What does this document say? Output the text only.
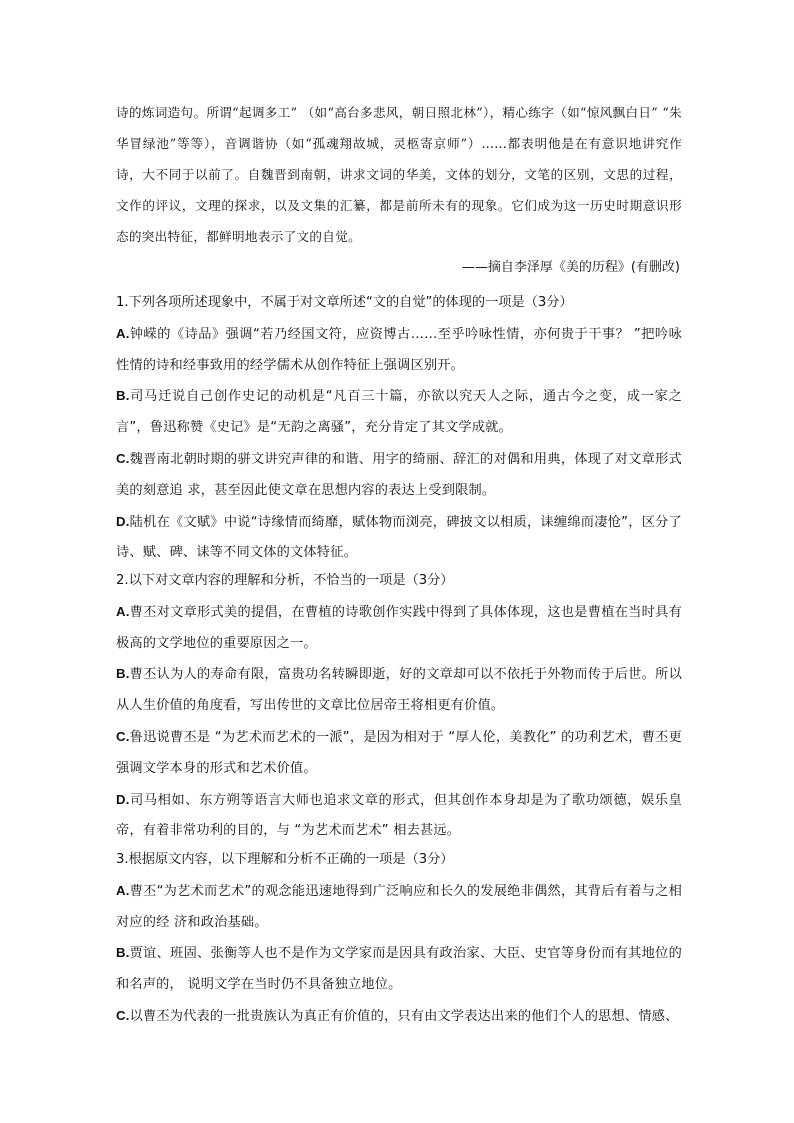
诗的炼词造句。所谓“起调多工” （如“高台多悲风，朝日照北林”），精心练字（如“惊风飘白日” “朱华冒绿池”等等），音调谐协（如“孤魂翔故城，灵柩寄京师”）……都表明他是在有意识地讲究作诗，大不同于以前了。自魏晋到南朝，讲求文词的华美，文体的划分，文笔的区别，文思的过程，文作的评议，文理的探求，以及文集的汇纂，都是前所未有的现象。它们成为这一历史时期意识形态的突出特征，都鲜明地表示了文的自觉。

——摘自李泽厚《美的历程》(有删改)
1.下列各项所述现象中，不属于对文章所述“文的自觉”的体现的一项是（3分）
A.钟嵘的《诗品》强调“若乃经国文符，应资博古……至乎吟咏性情，亦何贵于干事？ ”把吟咏性情的诗和经事致用的经学儒术从创作特征上强调区别开。
B.司马迁说自己创作史记的动机是“凡百三十篇，亦欲以究天人之际，通古今之变，成一家之言”，鲁迅称赞《史记》是“无韵之离骚”，充分肯定了其文学成就。
C.魏晋南北朝时期的骈文讲究声律的和谐、用字的绮丽、辞汇的对偶和用典，体现了对文章形式美的刻意追 求，甚至因此使文章在思想内容的表达上受到限制。
D.陆机在《文赋》中说“诗缘情而绮靡，赋体物而浏亮，碑披文以相质，诔缠绵而凄怆”，区分了诗、赋、碑、诔等不同文体的文体特征。
2.以下对文章内容的理解和分析，不恰当的一项是（3分）
A.曹丕对文章形式美的提倡，在曹植的诗歌创作实践中得到了具体体现，这也是曹植在当时具有极高的文学地位的重要原因之一。
B.曹丕认为人的寿命有限，富贵功名转瞬即逝，好的文章却可以不依托于外物而传于后世。所以从人生价值的角度看，写出传世的文章比位居帝王将相更有价值。
C.鲁迅说曹丕是 “为艺术而艺术的一派”，是因为相对于 “厚人伦，美教化” 的功利艺术，曹丕更强调文学本身的形式和艺术价值。
D.司马相如、东方朔等语言大师也追求文章的形式，但其创作本身却是为了歌功颂德，娱乐皇帝，有着非常功利的目的，与 “为艺术而艺术” 相去甚远。
3.根据原文内容，以下理解和分析不正确的一项是（3分）
A.曹丕“为艺术而艺术”的观念能迅速地得到广泛响应和长久的发展绝非偶然，其背后有着与之相对应的经 济和政治基础。
B.贾谊、班固、张衡等人也不是作为文学家而是因具有政治家、大臣、史官等身份而有其地位的和名声的， 说明文学在当时仍不具备独立地位。
C.以曹丕为代表的一批贵族认为真正有价值的，只有由文学表达出来的他们个人的思想、情感、
